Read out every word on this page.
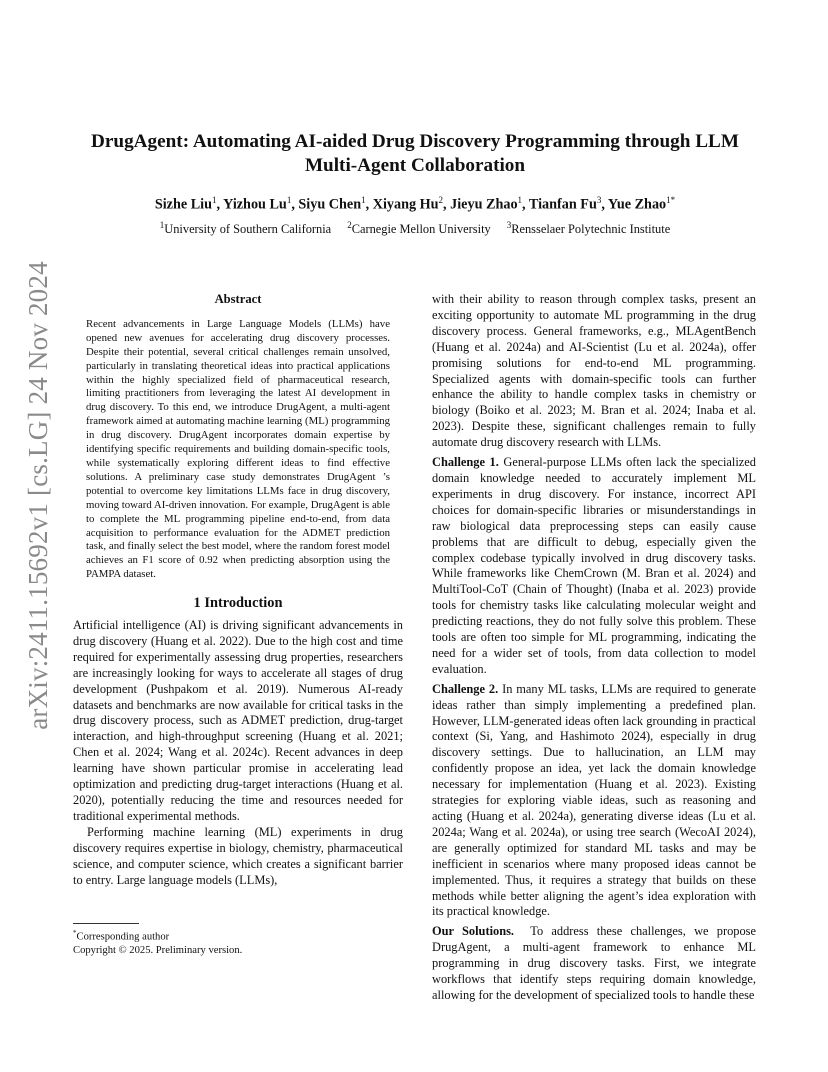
arXiv:2411.15692v1 [cs.LG] 24 Nov 2024
DrugAgent: Automating AI-aided Drug Discovery Programming through LLM Multi-Agent Collaboration
Sizhe Liu$^1$, Yizhou Lu$^1$, Siyu Chen$^1$, Xiyang Hu$^2$, Jieyu Zhao$^1$, Tianfan Fu$^3$, Yue Zhao$^{1*}$
$^1$University of Southern California $^2$Carnegie Mellon University $^3$Rensselaer Polytechnic Institute
Abstract

Recent advancements in Large Language Models (LLMs) have opened new avenues for accelerating drug discovery processes. Despite their potential, several critical challenges remain unsolved, particularly in translating theoretical ideas into practical applications within the highly specialized field of pharmaceutical research, limiting practitioners from leveraging the latest AI development in drug discovery. To this end, we introduce DrugAgent, a multi-agent framework aimed at automating machine learning (ML) programming in drug discovery. DrugAgent incorporates domain expertise by identifying specific requirements and building domain-specific tools, while systematically exploring different ideas to find effective solutions. A preliminary case study demonstrates DrugAgent ’s potential to overcome key limitations LLMs face in drug discovery, moving toward AI-driven innovation. For example, DrugAgent is able to complete the ML programming pipeline end-to-end, from data acquisition to performance evaluation for the ADMET prediction task, and finally select the best model, where the random forest model achieves an F1 score of 0.92 when predicting absorption using the PAMPA dataset.

1 Introduction

Artificial intelligence (AI) is driving significant advancements in drug discovery (Huang et al. 2022). Due to the high cost and time required for experimentally assessing drug properties, researchers are increasingly looking for ways to accelerate all stages of drug development (Pushpakom et al. 2019). Numerous AI-ready datasets and benchmarks are now available for critical tasks in the drug discovery process, such as ADMET prediction, drug-target interaction, and high-throughput screening (Huang et al. 2021; Chen et al. 2024; Wang et al. 2024c). Recent advances in deep learning have shown particular promise in accelerating lead optimization and predicting drug-target interactions (Huang et al. 2020), potentially reducing the time and resources needed for traditional experimental methods.

Performing machine learning (ML) experiments in drug discovery requires expertise in biology, chemistry, pharmaceutical science, and computer science, which creates a significant barrier to entry. Large language models (LLMs),

*Corresponding author
Copyright © 2025. Preliminary version.

with their ability to reason through complex tasks, present an exciting opportunity to automate ML programming in the drug discovery process. General frameworks, e.g., MLAgentBench (Huang et al. 2024a) and AI-Scientist (Lu et al. 2024a), offer promising solutions for end-to-end ML programming. Specialized agents with domain-specific tools can further enhance the ability to handle complex tasks in chemistry or biology (Boiko et al. 2023; M. Bran et al. 2024; Inaba et al. 2023). Despite these, significant challenges remain to fully automate drug discovery research with LLMs.

Challenge 1. General-purpose LLMs often lack the specialized domain knowledge needed to accurately implement ML experiments in drug discovery. For instance, incorrect API choices for domain-specific libraries or misunderstandings in raw biological data preprocessing steps can easily cause problems that are difficult to debug, especially given the complex codebase typically involved in drug discovery tasks. While frameworks like ChemCrown (M. Bran et al. 2024) and MultiTool-CoT (Chain of Thought) (Inaba et al. 2023) provide tools for chemistry tasks like calculating molecular weight and predicting reactions, they do not fully solve this problem. These tools are often too simple for ML programming, indicating the need for a wider set of tools, from data collection to model evaluation.

Challenge 2. In many ML tasks, LLMs are required to generate ideas rather than simply implementing a predefined plan. However, LLM-generated ideas often lack grounding in practical context (Si, Yang, and Hashimoto 2024), especially in drug discovery settings. Due to hallucination, an LLM may confidently propose an idea, yet lack the domain knowledge necessary for implementation (Huang et al. 2023). Existing strategies for exploring viable ideas, such as reasoning and acting (Huang et al. 2024a), generating diverse ideas (Lu et al. 2024a; Wang et al. 2024a), or using tree search (WecoAI 2024), are generally optimized for standard ML tasks and may be inefficient in scenarios where many proposed ideas cannot be implemented. Thus, it requires a strategy that builds on these methods while better aligning the agent’s idea exploration with its practical knowledge.

Our Solutions. To address these challenges, we propose DrugAgent, a multi-agent framework to enhance ML programming in drug discovery tasks. First, we integrate workflows that identify steps requiring domain knowledge, allowing for the development of specialized tools to handle these
